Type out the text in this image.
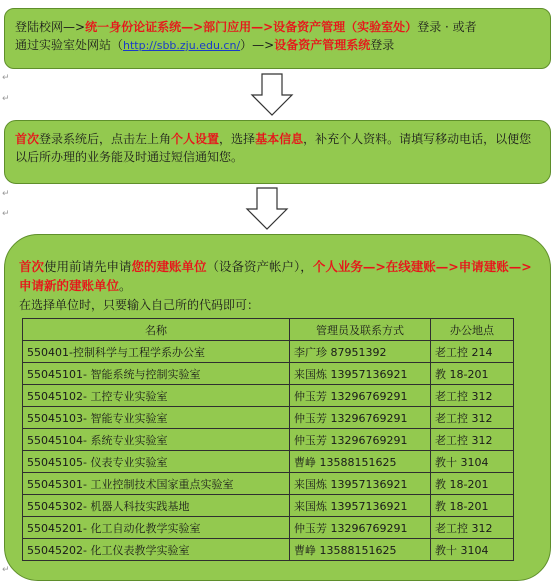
↵
↵
↵
↵
↵
登陆校网—>统一身份论证系统—>部门应用—>设备资产管理（实验室处）登录 · 或者
通过实验室处网站（http://sbb.zju.edu.cn/）—>设备资产管理系统登录
首次登录系统后，点击左上角个人设置，选择基本信息，补充个人资料。请填写移动电话，以便您以后所办理的业务能及时通过短信通知您。
首次使用前请先申请您的建账单位（设备资产帐户），个人业务—>在线建账—>申请建账—>申请新的建账单位。
在选择单位时，只要输入自己所的代码即可：
名称	管理员及联系方式	办公地点
550401-控制科学与工程学系办公室	李广珍 87951392	老工控 214
55045101- 智能系统与控制实验室	来国炼 13957136921	教 18-201
55045102- 工控专业实验室	仲玉芳 13296769291	老工控 312
55045103- 智能专业实验室	仲玉芳 13296769291	老工控 312
55045104- 系统专业实验室	仲玉芳 13296769291	老工控 312
55045105- 仪表专业实验室	曹峥 13588151625	教十 3104
55045301- 工业控制技术国家重点实验室	来国炼 13957136921	教 18-201
55045302- 机器人科技实践基地	来国炼 13957136921	教 18-201
55045201- 化工自动化教学实验室	仲玉芳 13296769291	老工控 312
55045202- 化工仪表教学实验室	曹峥 13588151625	教十 3104
